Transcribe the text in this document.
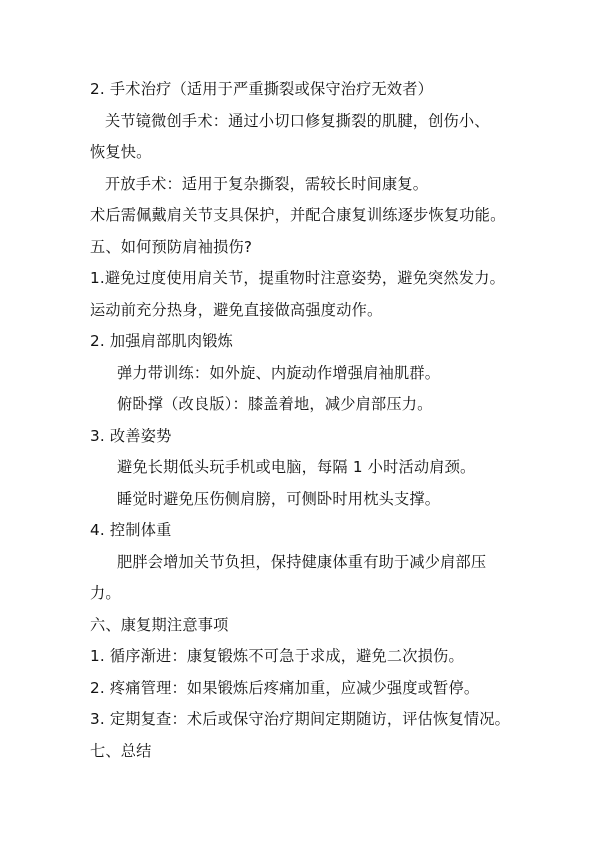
2. 手术治疗（适用于严重撕裂或保守治疗无效者）
关节镜微创手术：通过小切口修复撕裂的肌腱，创伤小、
恢复快。
开放手术：适用于复杂撕裂，需较长时间康复。
术后需佩戴肩关节支具保护，并配合康复训练逐步恢复功能。
五、如何预防肩袖损伤?
1.避免过度使用肩关节，提重物时注意姿势，避免突然发力。
运动前充分热身，避免直接做高强度动作。
2. 加强肩部肌肉锻炼
弹力带训练：如外旋、内旋动作增强肩袖肌群。
俯卧撑（改良版）：膝盖着地，减少肩部压力。
3. 改善姿势
避免长期低头玩手机或电脑，每隔 1 小时活动肩颈。
睡觉时避免压伤侧肩膀，可侧卧时用枕头支撑。
4. 控制体重
肥胖会增加关节负担，保持健康体重有助于减少肩部压
力。
六、康复期注意事项
1. 循序渐进：康复锻炼不可急于求成，避免二次损伤。
2. 疼痛管理：如果锻炼后疼痛加重，应减少强度或暂停。
3. 定期复查：术后或保守治疗期间定期随访，评估恢复情况。
七、总结
